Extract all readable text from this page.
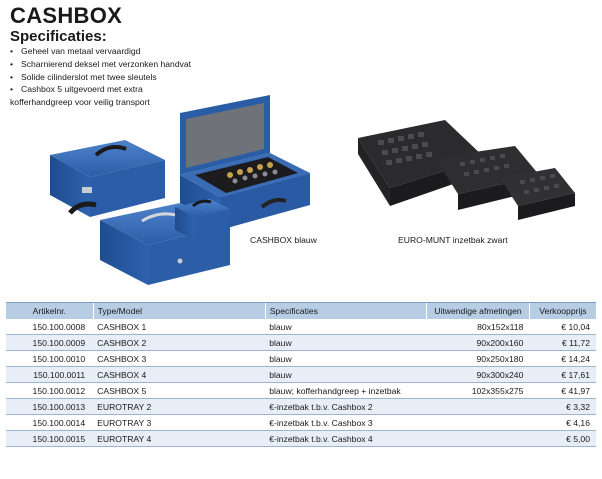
CASHBOX
Specificaties:
• Geheel van metaal vervaardigd
• Scharnierend deksel met verzonken handvat
• Solide cilinderslot met twee sleutels
• Cashbox 5 uitgevoerd met extra
kofferhandgreep voor veilig transport
CASHBOX blauw	EURO-MUNT inzetbak zwart
Artikelnr.	Type/Model	Specificaties	Uitwendige afmetingen	Verkoopprijs
150.100.0008	CASHBOX 1	blauw	80x152x118	€ 10,04
150.100.0009	CASHBOX 2	blauw	90x200x160	€ 11,72
150.100.0010	CASHBOX 3	blauw	90x250x180	€ 14,24
150.100.0011	CASHBOX 4	blauw	90x300x240	€ 17,61
150.100.0012	CASHBOX 5	blauw; kofferhandgreep + inzetbak	102x355x275	€ 41,97
150.100.0013	EUROTRAY 2	€-inzetbak t.b.v. Cashbox 2		€ 3,32
150.100.0014	EUROTRAY 3	€-inzetbak t.b.v. Cashbox 3		€ 4,16
150.100.0015	EUROTRAY 4	€-inzetbak t.b.v. Cashbox 4		€ 5,00
